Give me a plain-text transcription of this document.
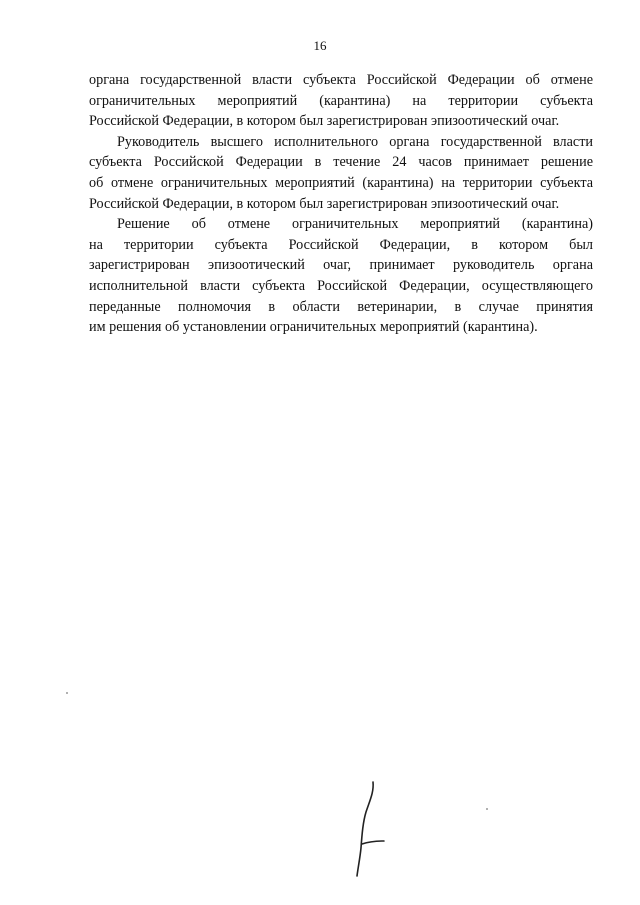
16

органа государственной власти субъекта Российской Федерации об отмене
ограничительных мероприятий (карантина) на территории субъекта
Российской Федерации, в котором был зарегистрирован эпизоотический очаг.

Руководитель высшего исполнительного органа государственной власти
субъекта Российской Федерации в течение 24 часов принимает решение
об отмене ограничительных мероприятий (карантина) на территории субъекта
Российской Федерации, в котором был зарегистрирован эпизоотический очаг.

Решение об отмене ограничительных мероприятий (карантина)
на территории субъекта Российской Федерации, в котором был
зарегистрирован эпизоотический очаг, принимает руководитель органа
исполнительной власти субъекта Российской Федерации, осуществляющего
переданные полномочия в области ветеринарии, в случае принятия
им решения об установлении ограничительных мероприятий (карантина).
